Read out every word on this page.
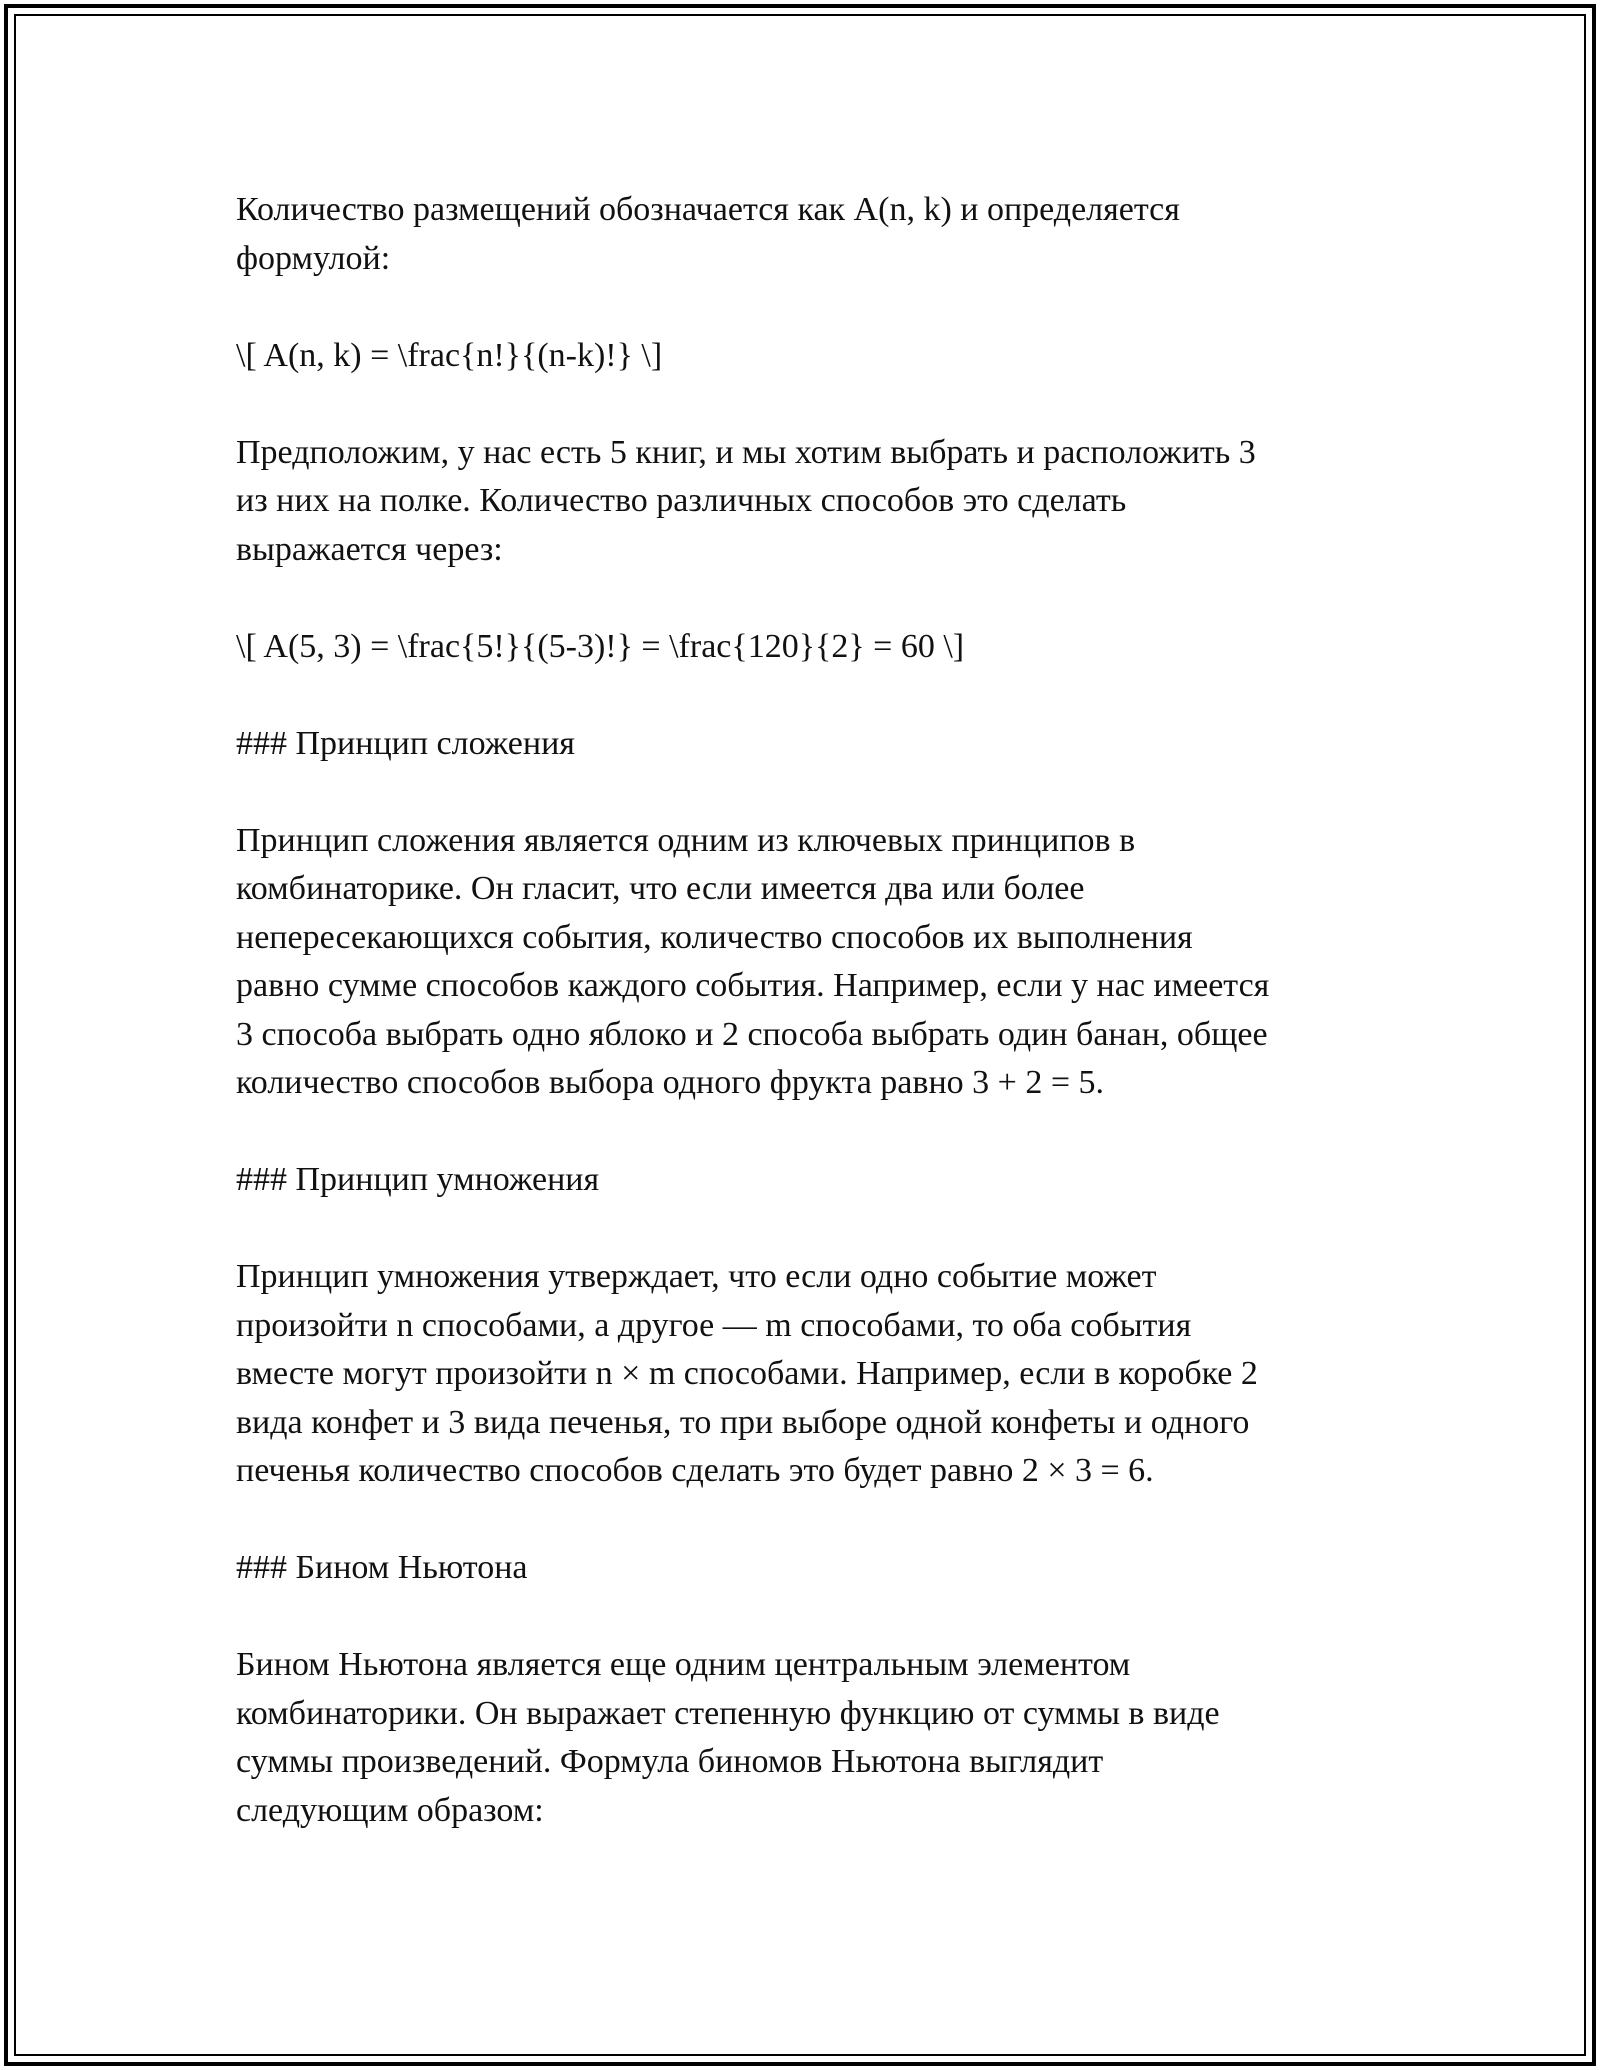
Количество размещений обозначается как A(n, k) и определяется
формулой:

\[ A(n, k) = \frac{n!}{(n-k)!} \]

Предположим, у нас есть 5 книг, и мы хотим выбрать и расположить 3
из них на полке. Количество различных способов это сделать
выражается через:

\[ A(5, 3) = \frac{5!}{(5-3)!} = \frac{120}{2} = 60 \]

### Принцип сложения

Принцип сложения является одним из ключевых принципов в
комбинаторике. Он гласит, что если имеется два или более
непересекающихся события, количество способов их выполнения
равно сумме способов каждого события. Например, если у нас имеется
3 способа выбрать одно яблоко и 2 способа выбрать один банан, общее
количество способов выбора одного фрукта равно 3 + 2 = 5.

### Принцип умножения

Принцип умножения утверждает, что если одно событие может
произойти n способами, а другое — m способами, то оба события
вместе могут произойти n × m способами. Например, если в коробке 2
вида конфет и 3 вида печенья, то при выборе одной конфеты и одного
печенья количество способов сделать это будет равно 2 × 3 = 6.

### Бином Ньютона

Бином Ньютона является еще одним центральным элементом
комбинаторики. Он выражает степенную функцию от суммы в виде
суммы произведений. Формула биномов Ньютона выглядит
следующим образом:
